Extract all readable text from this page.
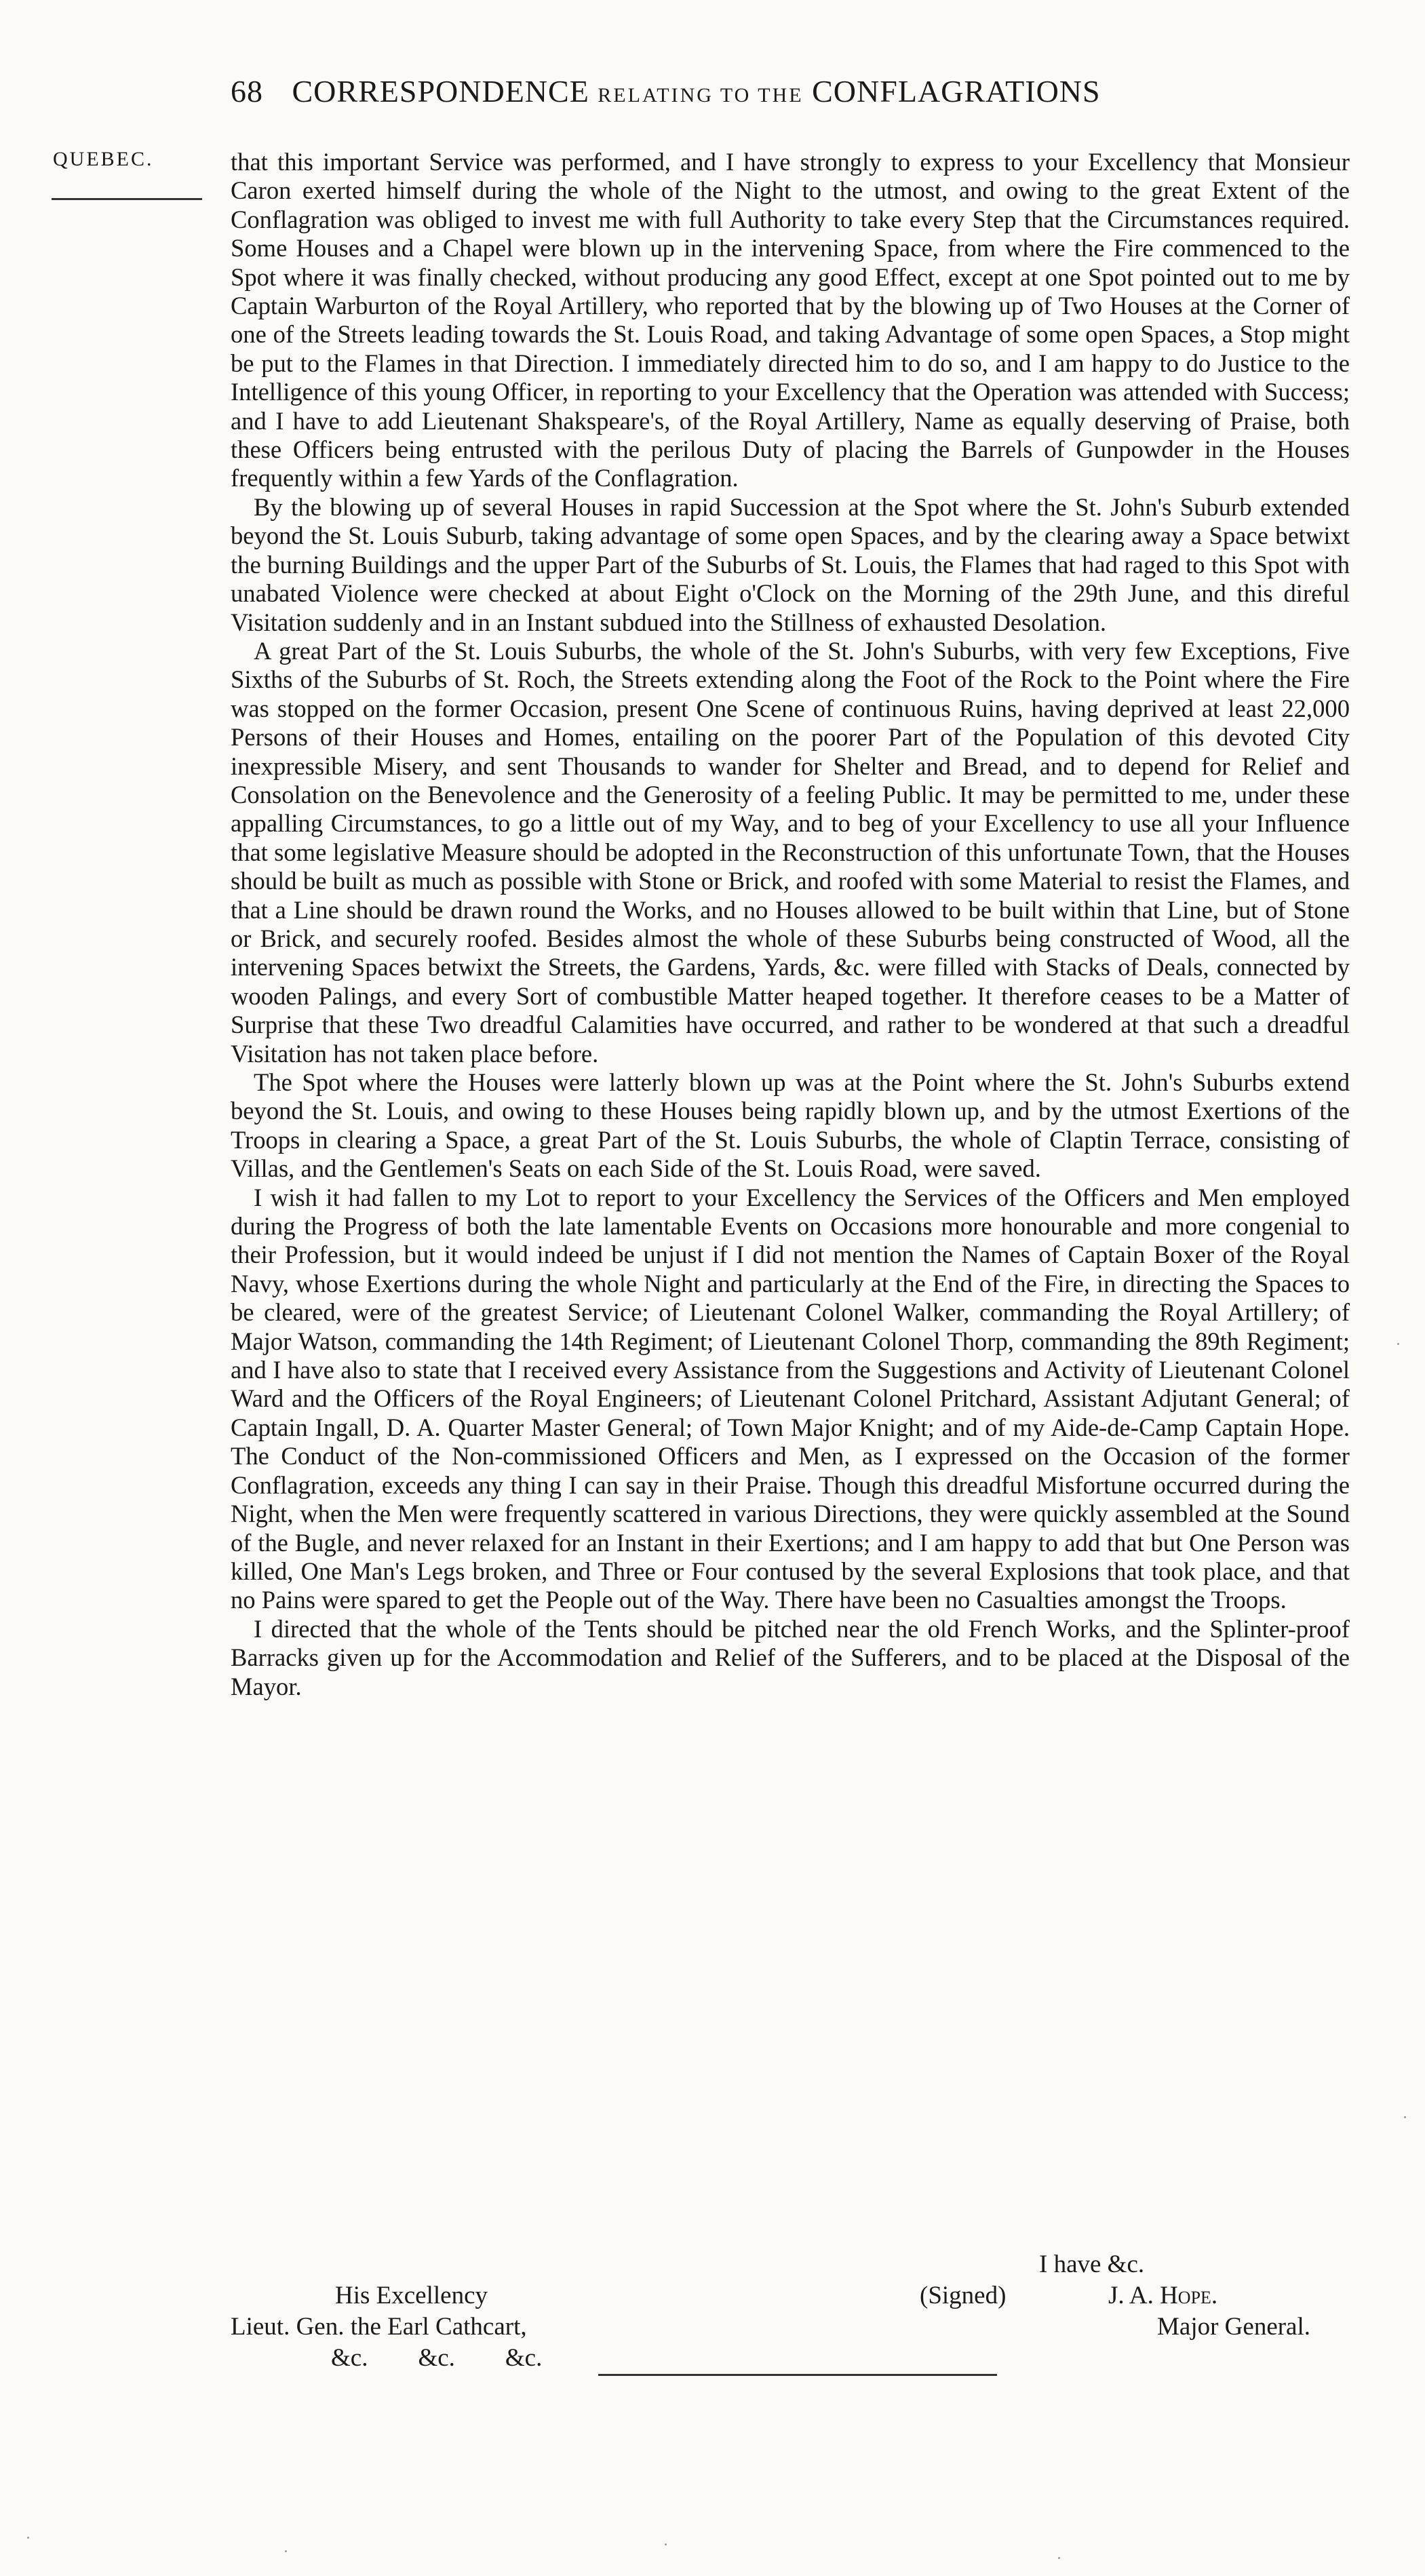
68 CORRESPONDENCE RELATING TO THE CONFLAGRATIONS
QUEBEC.	that this important Service was performed, and I have strongly to express to your Excellency that Monsieur Caron exerted himself during the whole of the Night to the utmost, and owing to the great Extent of the Conflagration was obliged to invest me with full Authority to take every Step that the Circumstances required. Some Houses and a Chapel were blown up in the intervening Space, from where the Fire commenced to the Spot where it was finally checked, without producing any good Effect, except at one Spot pointed out to me by Captain Warburton of the Royal Artillery, who reported that by the blowing up of Two Houses at the Corner of one of the Streets leading towards the St. Louis Road, and taking Advantage of some open Spaces, a Stop might be put to the Flames in that Direction. I immediately directed him to do so, and I am happy to do Justice to the Intelligence of this young Officer, in reporting to your Excellency that the Operation was attended with Success; and I have to add Lieutenant Shakspeare's, of the Royal Artillery, Name as equally deserving of Praise, both these Officers being entrusted with the perilous Duty of placing the Barrels of Gunpowder in the Houses frequently within a few Yards of the Conflagration.

By the blowing up of several Houses in rapid Succession at the Spot where the St. John's Suburb extended beyond the St. Louis Suburb, taking advantage of some open Spaces, and by the clearing away a Space betwixt the burning Buildings and the upper Part of the Suburbs of St. Louis, the Flames that had raged to this Spot with unabated Violence were checked at about Eight o'Clock on the Morning of the 29th June, and this direful Visitation suddenly and in an Instant subdued into the Stillness of exhausted Desolation.

A great Part of the St. Louis Suburbs, the whole of the St. John's Suburbs, with very few Exceptions, Five Sixths of the Suburbs of St. Roch, the Streets extending along the Foot of the Rock to the Point where the Fire was stopped on the former Occasion, present One Scene of continuous Ruins, having deprived at least 22,000 Persons of their Houses and Homes, entailing on the poorer Part of the Population of this devoted City inexpressible Misery, and sent Thousands to wander for Shelter and Bread, and to depend for Relief and Consolation on the Benevolence and the Generosity of a feeling Public. It may be permitted to me, under these appalling Circumstances, to go a little out of my Way, and to beg of your Excellency to use all your Influence that some legislative Measure should be adopted in the Reconstruction of this unfortunate Town, that the Houses should be built as much as possible with Stone or Brick, and roofed with some Material to resist the Flames, and that a Line should be drawn round the Works, and no Houses allowed to be built within that Line, but of Stone or Brick, and securely roofed. Besides almost the whole of these Suburbs being constructed of Wood, all the intervening Spaces betwixt the Streets, the Gardens, Yards, &c. were filled with Stacks of Deals, connected by wooden Palings, and every Sort of combustible Matter heaped together. It therefore ceases to be a Matter of Surprise that these Two dreadful Calamities have occurred, and rather to be wondered at that such a dreadful Visitation has not taken place before.

The Spot where the Houses were latterly blown up was at the Point where the St. John's Suburbs extend beyond the St. Louis, and owing to these Houses being rapidly blown up, and by the utmost Exertions of the Troops in clearing a Space, a great Part of the St. Louis Suburbs, the whole of Claptin Terrace, consisting of Villas, and the Gentlemen's Seats on each Side of the St. Louis Road, were saved.

I wish it had fallen to my Lot to report to your Excellency the Services of the Officers and Men employed during the Progress of both the late lamentable Events on Occasions more honourable and more congenial to their Profession, but it would indeed be unjust if I did not mention the Names of Captain Boxer of the Royal Navy, whose Exertions during the whole Night and particularly at the End of the Fire, in directing the Spaces to be cleared, were of the greatest Service; of Lieutenant Colonel Walker, commanding the Royal Artillery; of Major Watson, commanding the 14th Regiment; of Lieutenant Colonel Thorp, commanding the 89th Regiment; and I have also to state that I received every Assistance from the Suggestions and Activity of Lieutenant Colonel Ward and the Officers of the Royal Engineers; of Lieutenant Colonel Pritchard, Assistant Adjutant General; of Captain Ingall, D. A. Quarter Master General; of Town Major Knight; and of my Aide-de-Camp Captain Hope. The Conduct of the Non-commissioned Officers and Men, as I expressed on the Occasion of the former Conflagration, exceeds any thing I can say in their Praise. Though this dreadful Misfortune occurred during the Night, when the Men were frequently scattered in various Directions, they were quickly assembled at the Sound of the Bugle, and never relaxed for an Instant in their Exertions; and I am happy to add that but One Person was killed, One Man's Legs broken, and Three or Four contused by the several Explosions that took place, and that no Pains were spared to get the People out of the Way. There have been no Casualties amongst the Troops.

I directed that the whole of the Tents should be pitched near the old French Works, and the Splinter-proof Barracks given up for the Accommodation and Relief of the Sufferers, and to be placed at the Disposal of the Mayor.

I have &c.
His Excellency
Lieut. Gen. the Earl Cathcart,
&c.        &c.        &c.
(Signed)	J. A. Hope.
Major General.
